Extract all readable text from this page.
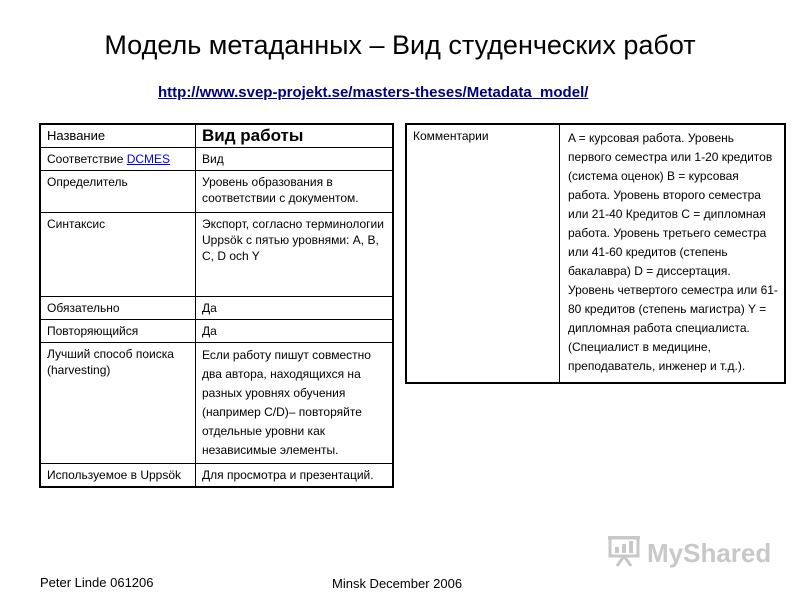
Модель метаданных – Вид студенческих работ
http://www.svep-projekt.se/masters-theses/Metadata_model/
Название	Вид работы
Соответствие DCMES	Вид
Определитель	Уровень образования в соответствии с документом.
Синтаксис	Экспорт, согласно терминологии Uppsök с пятью уровнями: A, B, C, D och Y
Обязательно	Да
Повторяющийся	Да
Лучший способ поиска (harvesting)	Если работу пишут совместно два автора, находящихся на разных уровнях обучения (например C/D)– повторяйте отдельные уровни как независимые элементы.
Используемое в Uppsök	Для просмотра и презентаций.
Комментарии	A = курсовая работа. Уровень первого семестра или 1-20 кредитов (система оценок) B = курсовая работа. Уровень второго семестра или 21-40 Кредитов C = дипломная работа. Уровень третьего семестра или 41-60 кредитов (степень бакалавра) D = диссертация. Уровень четвертого семестра или 61-80 кредитов (степень магистра) Y = дипломная работа специалиста. (Специалист в медицине, преподаватель, инженер и т.д.).
Peter Linde 061206	Minsk December 2006
MyShared
